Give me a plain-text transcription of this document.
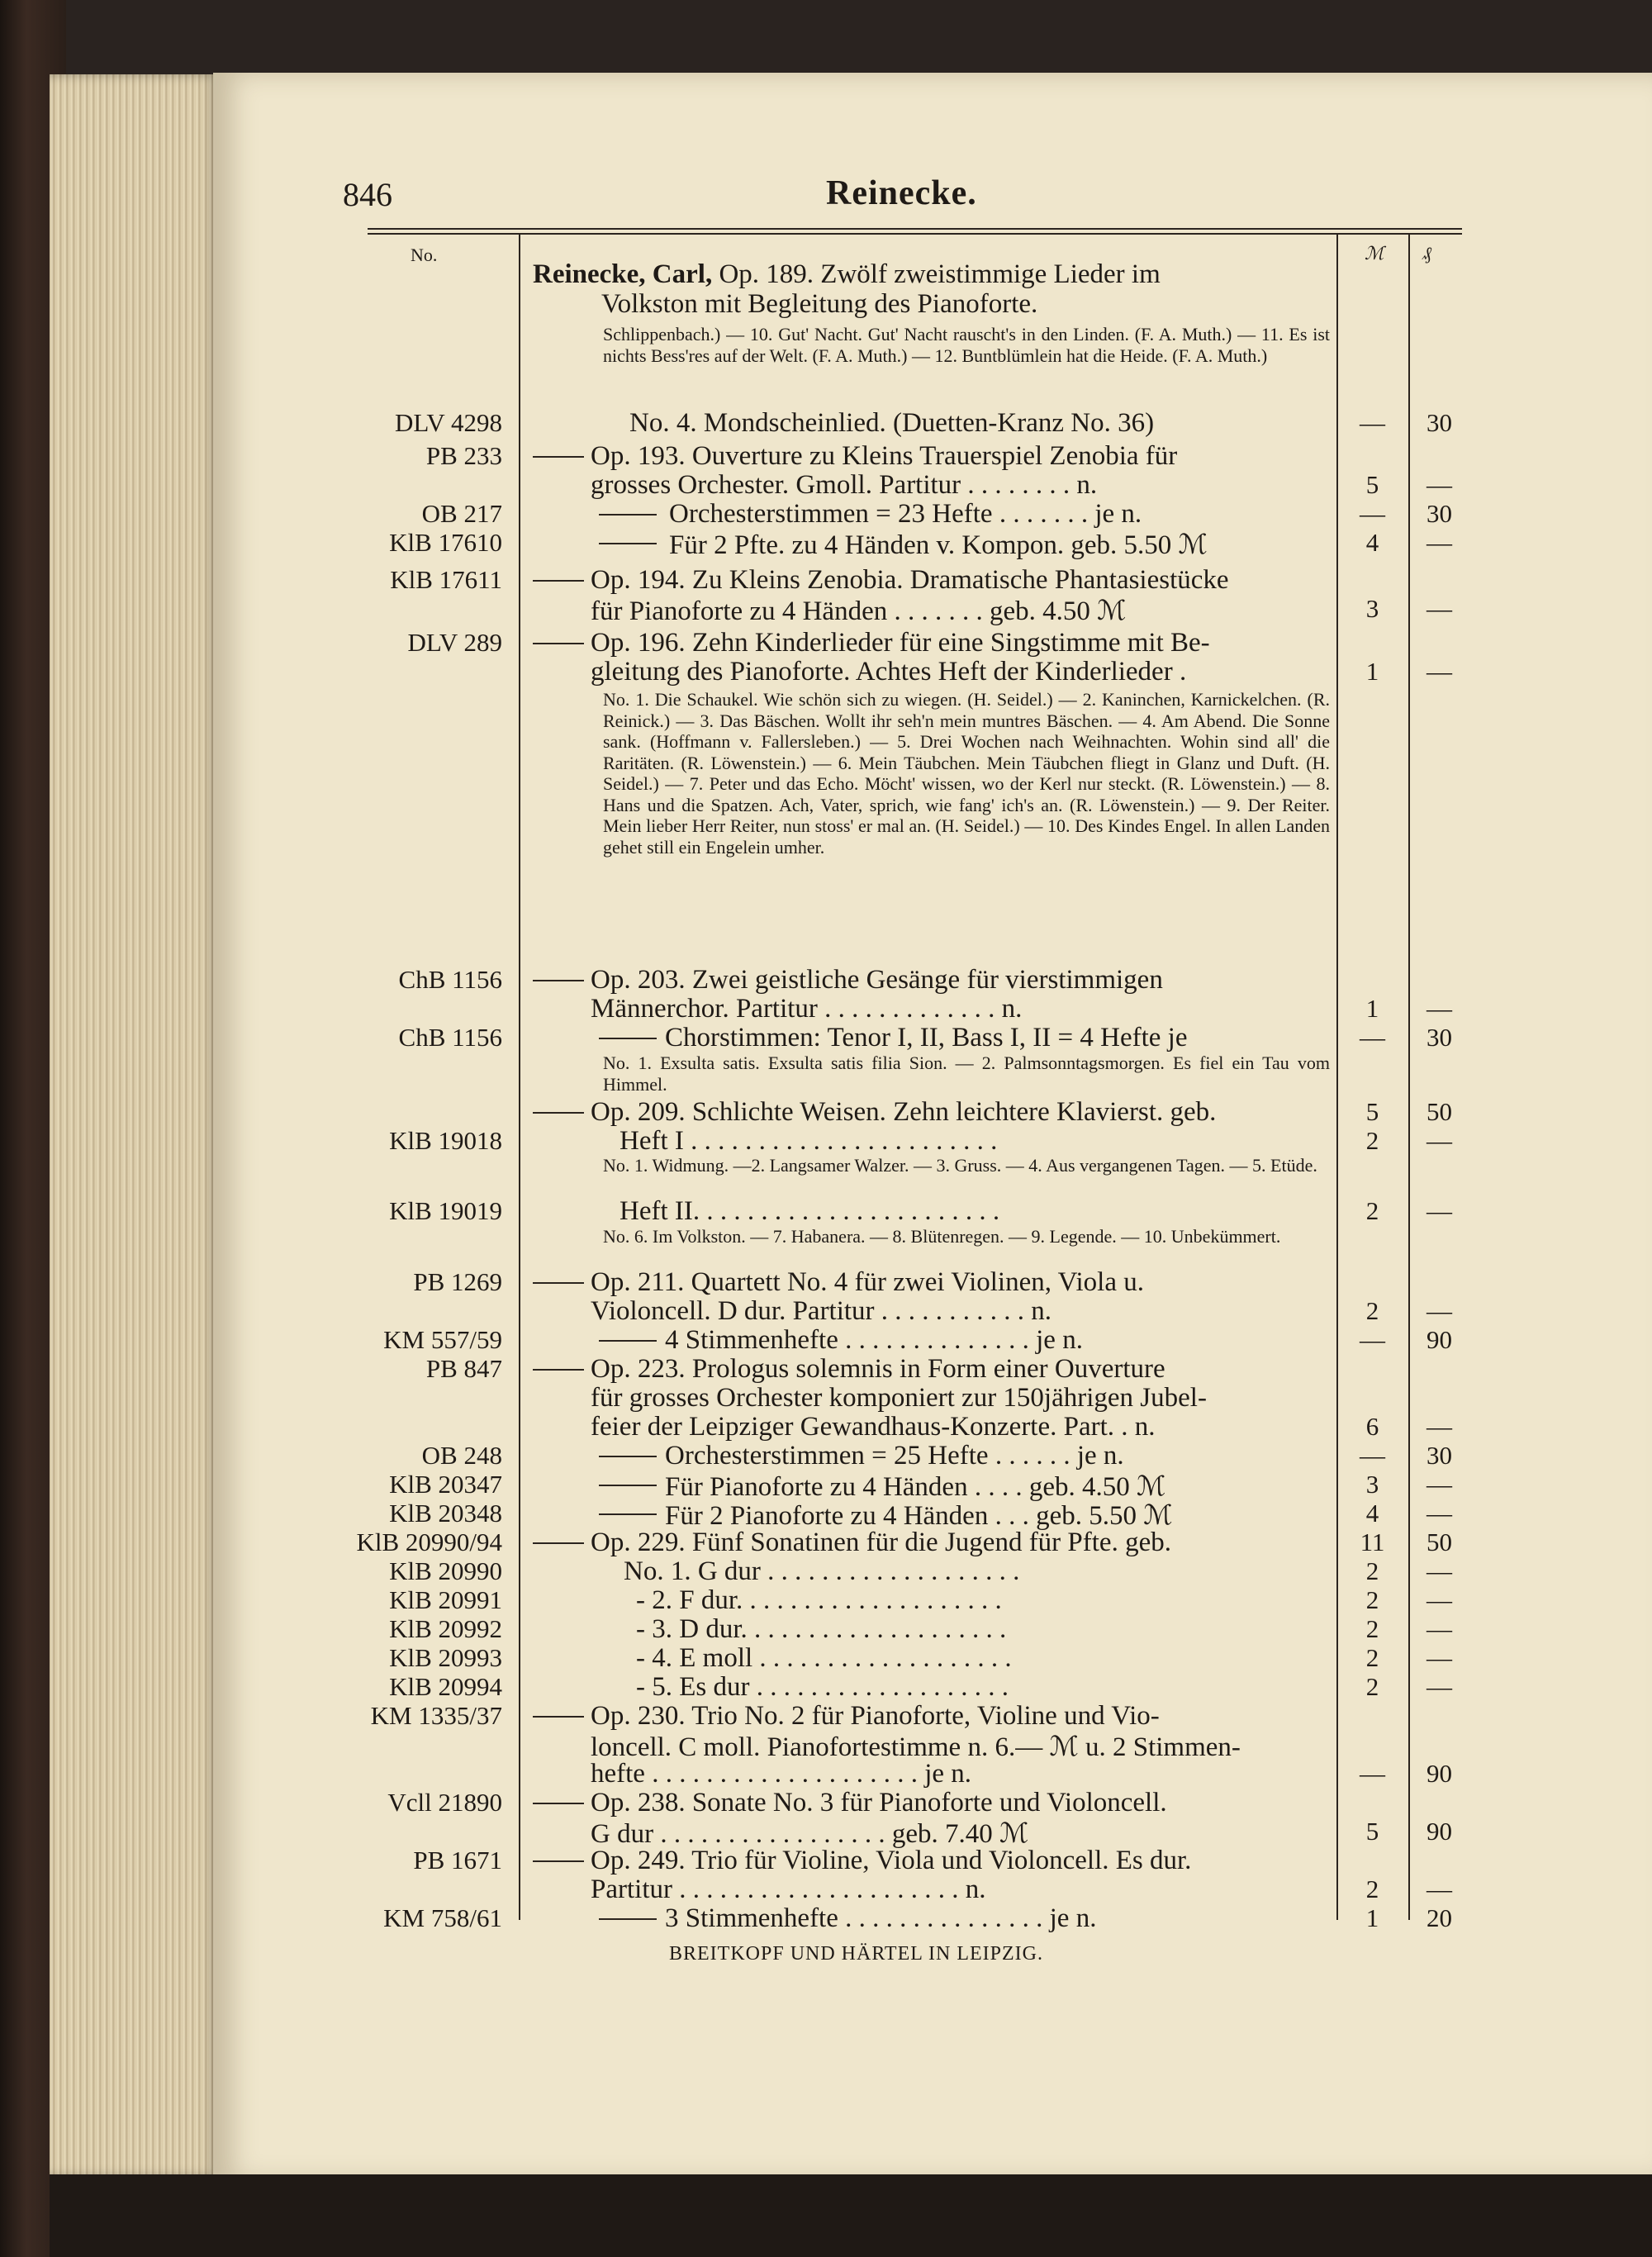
846	Reinecke.
No.	ℳ ₰
Reinecke, Carl, Op. 189. Zwölf zweistimmige Lieder im
Volkston mit Begleitung des Pianoforte.
Schlippenbach.) — 10. Gut' Nacht. Gut' Nacht rauscht's in den Linden. (F. A. Muth.) — 11. Es ist nichts Bess'res auf der Welt. (F. A. Muth.) — 12. Buntblümlein hat die Heide. (F. A. Muth.)
DLV 4298	No. 4. Mondscheinlied. (Duetten-Kranz No. 36)	—	30
PB 233	Op. 193. Ouverture zu Kleins Trauerspiel Zenobia für
grosses Orchester. Gmoll. Partitur . . . . . . . . n.	5	—
OB 217	Orchesterstimmen = 23 Hefte . . . . . . . je n.	—	30
KlB 17610	Für 2 Pfte. zu 4 Händen v. Kompon. geb. 5.50 ℳ	4	—
KlB 17611	Op. 194. Zu Kleins Zenobia. Dramatische Phantasiestücke
für Pianoforte zu 4 Händen . . . . . . . geb. 4.50 ℳ	3	—
DLV 289	Op. 196. Zehn Kinderlieder für eine Singstimme mit Be-
gleitung des Pianoforte. Achtes Heft der Kinderlieder .	1	—
No. 1. Die Schaukel. Wie schön sich zu wiegen. (H. Seidel.) — 2. Kaninchen, Karnickelchen. (R. Reinick.) — 3. Das Bäschen. Wollt ihr seh'n mein muntres Bäschen. — 4. Am Abend. Die Sonne sank. (Hoffmann v. Fallersleben.) — 5. Drei Wochen nach Weihnachten. Wohin sind all' die Raritäten. (R. Löwenstein.) — 6. Mein Täubchen. Mein Täubchen fliegt in Glanz und Duft. (H. Seidel.) — 7. Peter und das Echo. Möcht' wissen, wo der Kerl nur steckt. (R. Löwenstein.) — 8. Hans und die Spatzen. Ach, Vater, sprich, wie fang' ich's an. (R. Löwenstein.) — 9. Der Reiter. Mein lieber Herr Reiter, nun stoss' er mal an. (H. Seidel.) — 10. Des Kindes Engel. In allen Landen gehet still ein Engelein umher.
ChB 1156	Op. 203. Zwei geistliche Gesänge für vierstimmigen
Männerchor. Partitur . . . . . . . . . . . . . n.	1	—
ChB 1156	Chorstimmen: Tenor I, II, Bass I, II = 4 Hefte je	—	30
No. 1. Exsulta satis. Exsulta satis filia Sion. — 2. Palmsonntagsmorgen. Es fiel ein Tau vom Himmel.
Op. 209. Schlichte Weisen. Zehn leichtere Klavierst. geb.	5	50
KlB 19018	Heft I . . . . . . . . . . . . . . . . . . . . . . .	2	—
No. 1. Widmung. —2. Langsamer Walzer. — 3. Gruss. — 4. Aus vergangenen Tagen. — 5. Etüde.
KlB 19019	Heft II. . . . . . . . . . . . . . . . . . . . . . .	2	—
No. 6. Im Volkston. — 7. Habanera. — 8. Blütenregen. — 9. Legende. — 10. Unbekümmert.
PB 1269	Op. 211. Quartett No. 4 für zwei Violinen, Viola u.
Violoncell. D dur. Partitur . . . . . . . . . . . n.	2	—
KM 557/59	4 Stimmenhefte . . . . . . . . . . . . . . je n.	—	90
PB 847	Op. 223. Prologus solemnis in Form einer Ouverture
für grosses Orchester komponiert zur 150jährigen Jubel-
feier der Leipziger Gewandhaus-Konzerte. Part. . n.	6	—
OB 248	Orchesterstimmen = 25 Hefte . . . . . . je n.	—	30
KlB 20347	Für Pianoforte zu 4 Händen . . . . geb. 4.50 ℳ	3	—
KlB 20348	Für 2 Pianoforte zu 4 Händen . . . geb. 5.50 ℳ	4	—
KlB 20990/94	Op. 229. Fünf Sonatinen für die Jugend für Pfte. geb.	11	50
KlB 20990	No. 1. G dur . . . . . . . . . . . . . . . . . . .	2	—
KlB 20991	- 2. F dur. . . . . . . . . . . . . . . . . . . .	2	—
KlB 20992	- 3. D dur. . . . . . . . . . . . . . . . . . . .	2	—
KlB 20993	- 4. E moll . . . . . . . . . . . . . . . . . . .	2	—
KlB 20994	- 5. Es dur . . . . . . . . . . . . . . . . . . .	2	—
KM 1335/37	Op. 230. Trio No. 2 für Pianoforte, Violine und Vio-
loncell. C moll. Pianofortestimme n. 6.— ℳ u. 2 Stimmen-
hefte . . . . . . . . . . . . . . . . . . . . je n.	—	90
Vcll 21890	Op. 238. Sonate No. 3 für Pianoforte und Violoncell.
G dur . . . . . . . . . . . . . . . . . geb. 7.40 ℳ	5	90
PB 1671	Op. 249. Trio für Violine, Viola und Violoncell. Es dur.
Partitur . . . . . . . . . . . . . . . . . . . . . n.	2	—
KM 758/61	3 Stimmenhefte . . . . . . . . . . . . . . . je n.	1	20
BREITKOPF UND HÄRTEL IN LEIPZIG.
